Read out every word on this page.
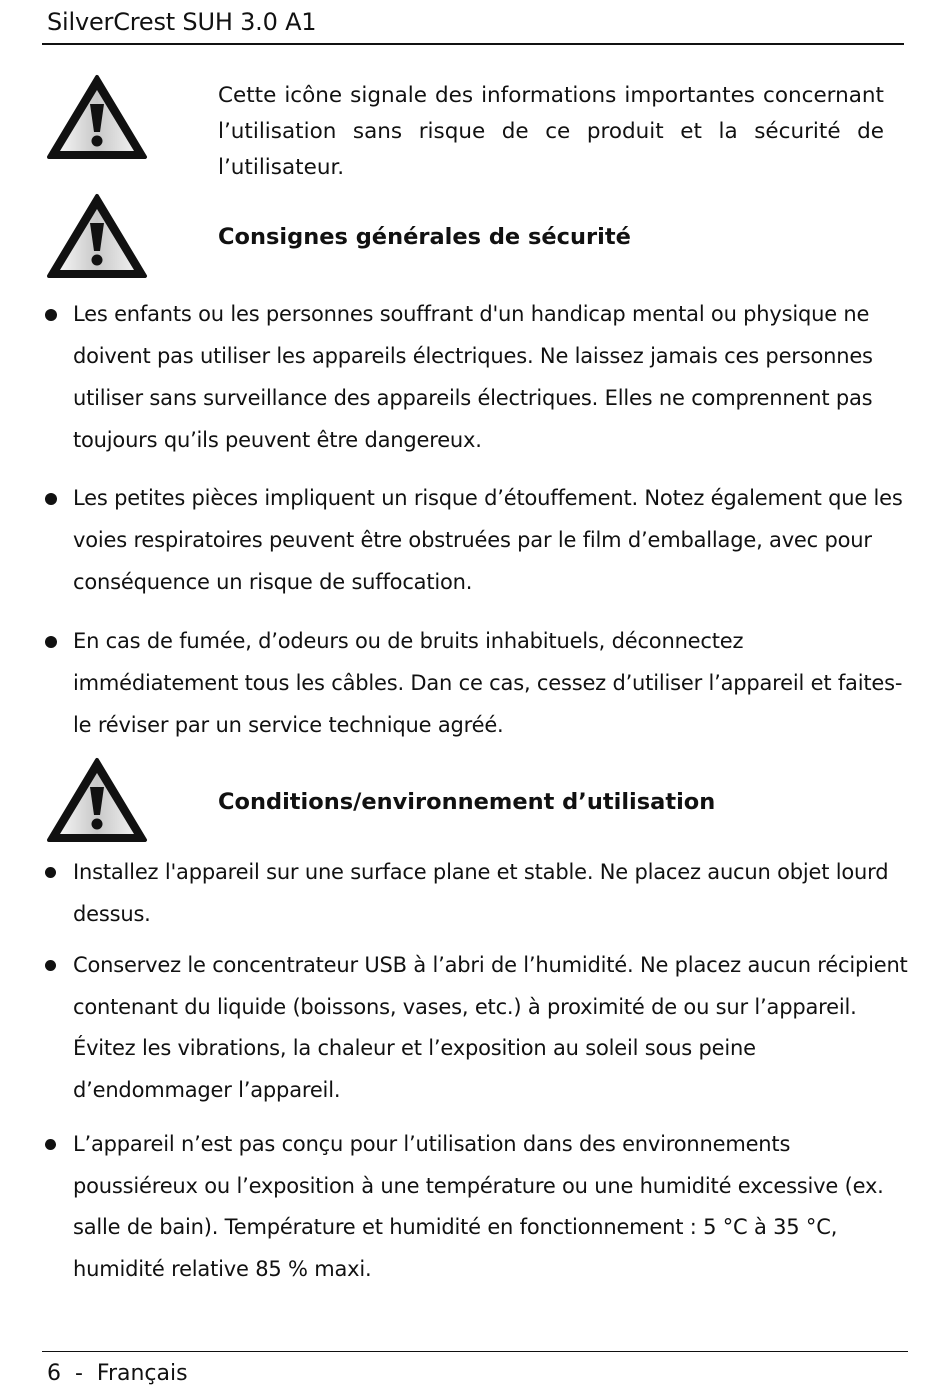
SilverCrest SUH 3.0 A1
Cette icône signale des informations importantes concernant l’utilisation sans risque de ce produit et la sécurité de l’utilisateur.
Consignes générales de sécurité
Les enfants ou les personnes souffrant d'un handicap mental ou physique ne doivent pas utiliser les appareils électriques. Ne laissez jamais ces personnes utiliser sans surveillance des appareils électriques. Elles ne comprennent pas toujours qu’ils peuvent être dangereux.
Les petites pièces impliquent un risque d’étouffement. Notez également que les voies respiratoires peuvent être obstruées par le film d’emballage, avec pour conséquence un risque de suffocation.
En cas de fumée, d’odeurs ou de bruits inhabituels, déconnectez immédiatement tous les câbles. Dan ce cas, cessez d’utiliser l’appareil et faites-le réviser par un service technique agréé.
Conditions/environnement d’utilisation
Installez l'appareil sur une surface plane et stable. Ne placez aucun objet lourd dessus.
Conservez le concentrateur USB à l’abri de l’humidité. Ne placez aucun récipient contenant du liquide (boissons, vases, etc.) à proximité de ou sur l’appareil. Évitez les vibrations, la chaleur et l’exposition au soleil sous peine d’endommager l’appareil.
L’appareil n’est pas conçu pour l’utilisation dans des environnements poussiéreux ou l’exposition à une température ou une humidité excessive (ex. salle de bain). Température et humidité en fonctionnement : 5 °C à 35 °C, humidité relative 85 % maxi.
6  -  Français
